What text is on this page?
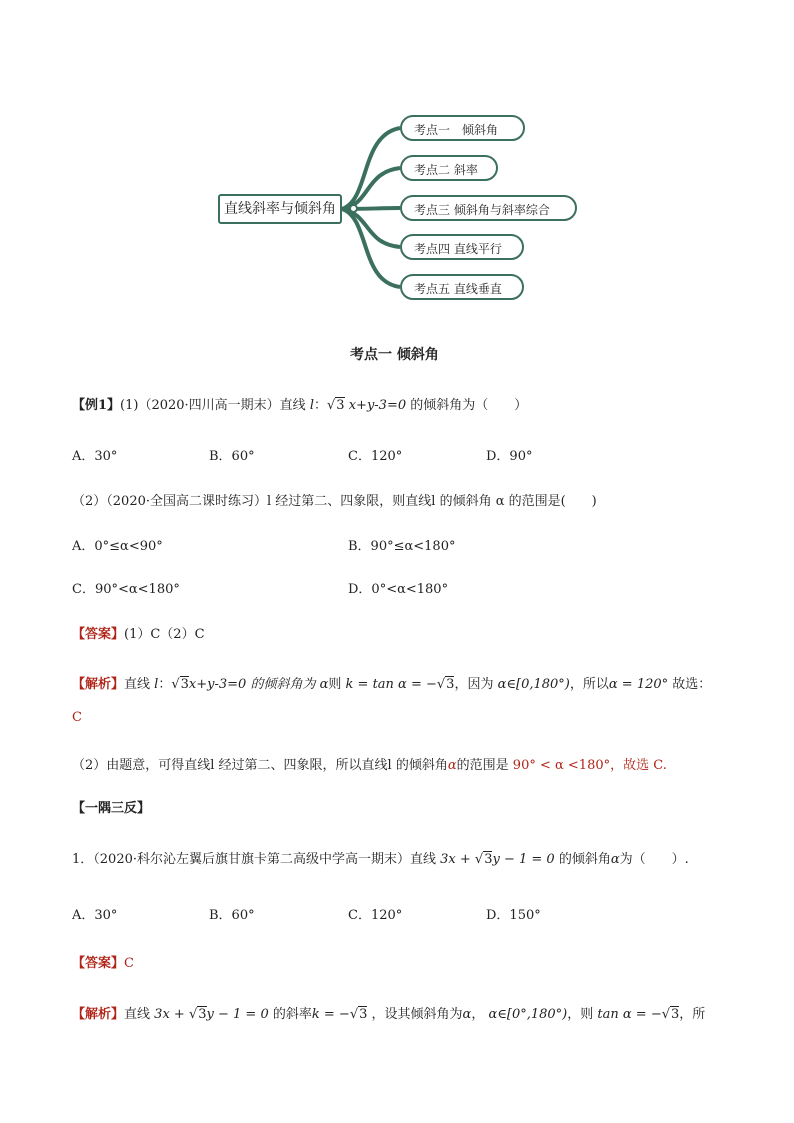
直线斜率与倾斜角
考点一　倾斜角
考点二 斜率
考点三 倾斜角与斜率综合
考点四 直线平行
考点五 直线垂直
考点一 倾斜角
【例1】(1)（2020·四川高一期末）直线 l：√3 x+y-3=0 的倾斜角为（　　）
A．30°	B．60°	C．120°	D．90°
（2）（2020·全国高二课时练习）l 经过第二、四象限，则直线l 的倾斜角 α 的范围是(　　)
A．0°≤α<90°	B．90°≤α<180°
C．90°<α<180°	D．0°<α<180°
【答案】(1）C（2）C
【解析】直线 l：√3x+y-3=0 的倾斜角为 α则 k = tan α = −√3，因为 α∈[0,180°)，所以α = 120° 故选：
C
（2）由题意，可得直线l 经过第二、四象限，所以直线l 的倾斜角α的范围是 90° < α <180°，故选 C.
【一隅三反】
1．（2020·科尔沁左翼后旗甘旗卡第二高级中学高一期末）直线 3x + √3y − 1 = 0 的倾斜角α为（　　）.
A．30°	B．60°	C．120°	D．150°
【答案】C
【解析】直线 3x + √3y − 1 = 0 的斜率k = −√3 ，设其倾斜角为α， α∈[0°,180°)，则 tan α = −√3，所
